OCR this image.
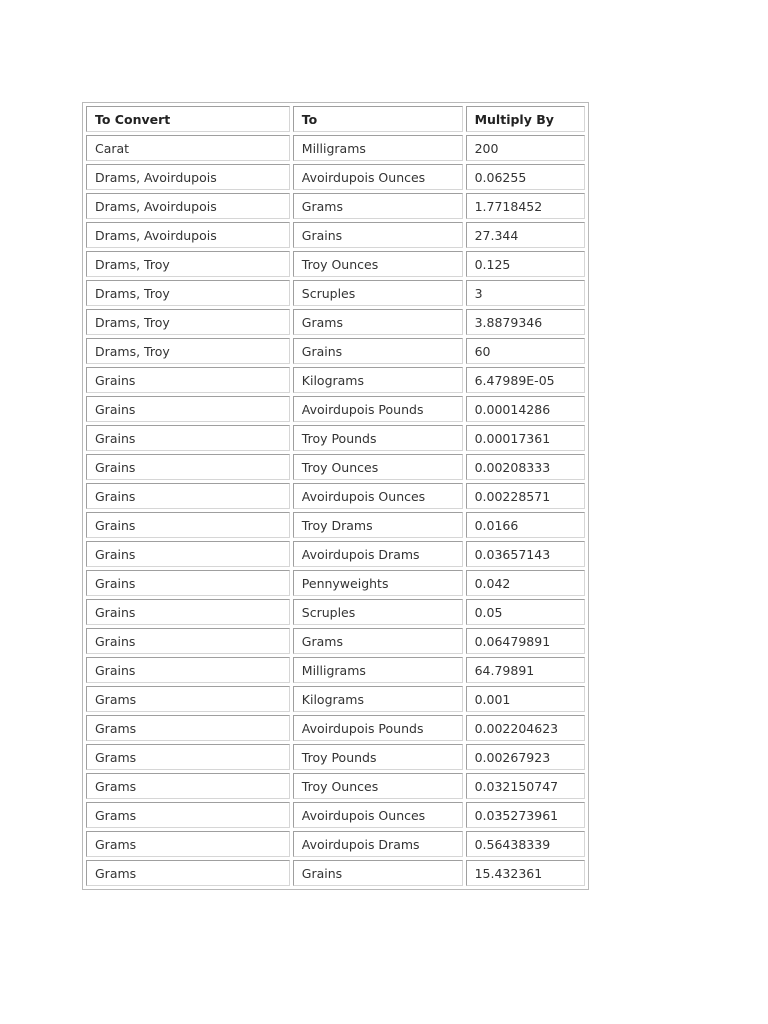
To Convert	To	Multiply By
Carat	Milligrams	200
Drams, Avoirdupois	Avoirdupois Ounces	0.06255
Drams, Avoirdupois	Grams	1.7718452
Drams, Avoirdupois	Grains	27.344
Drams, Troy	Troy Ounces	0.125
Drams, Troy	Scruples	3
Drams, Troy	Grams	3.8879346
Drams, Troy	Grains	60
Grains	Kilograms	6.47989E-05
Grains	Avoirdupois Pounds	0.00014286
Grains	Troy Pounds	0.00017361
Grains	Troy Ounces	0.00208333
Grains	Avoirdupois Ounces	0.00228571
Grains	Troy Drams	0.0166
Grains	Avoirdupois Drams	0.03657143
Grains	Pennyweights	0.042
Grains	Scruples	0.05
Grains	Grams	0.06479891
Grains	Milligrams	64.79891
Grams	Kilograms	0.001
Grams	Avoirdupois Pounds	0.002204623
Grams	Troy Pounds	0.00267923
Grams	Troy Ounces	0.032150747
Grams	Avoirdupois Ounces	0.035273961
Grams	Avoirdupois Drams	0.56438339
Grams	Grains	15.432361
